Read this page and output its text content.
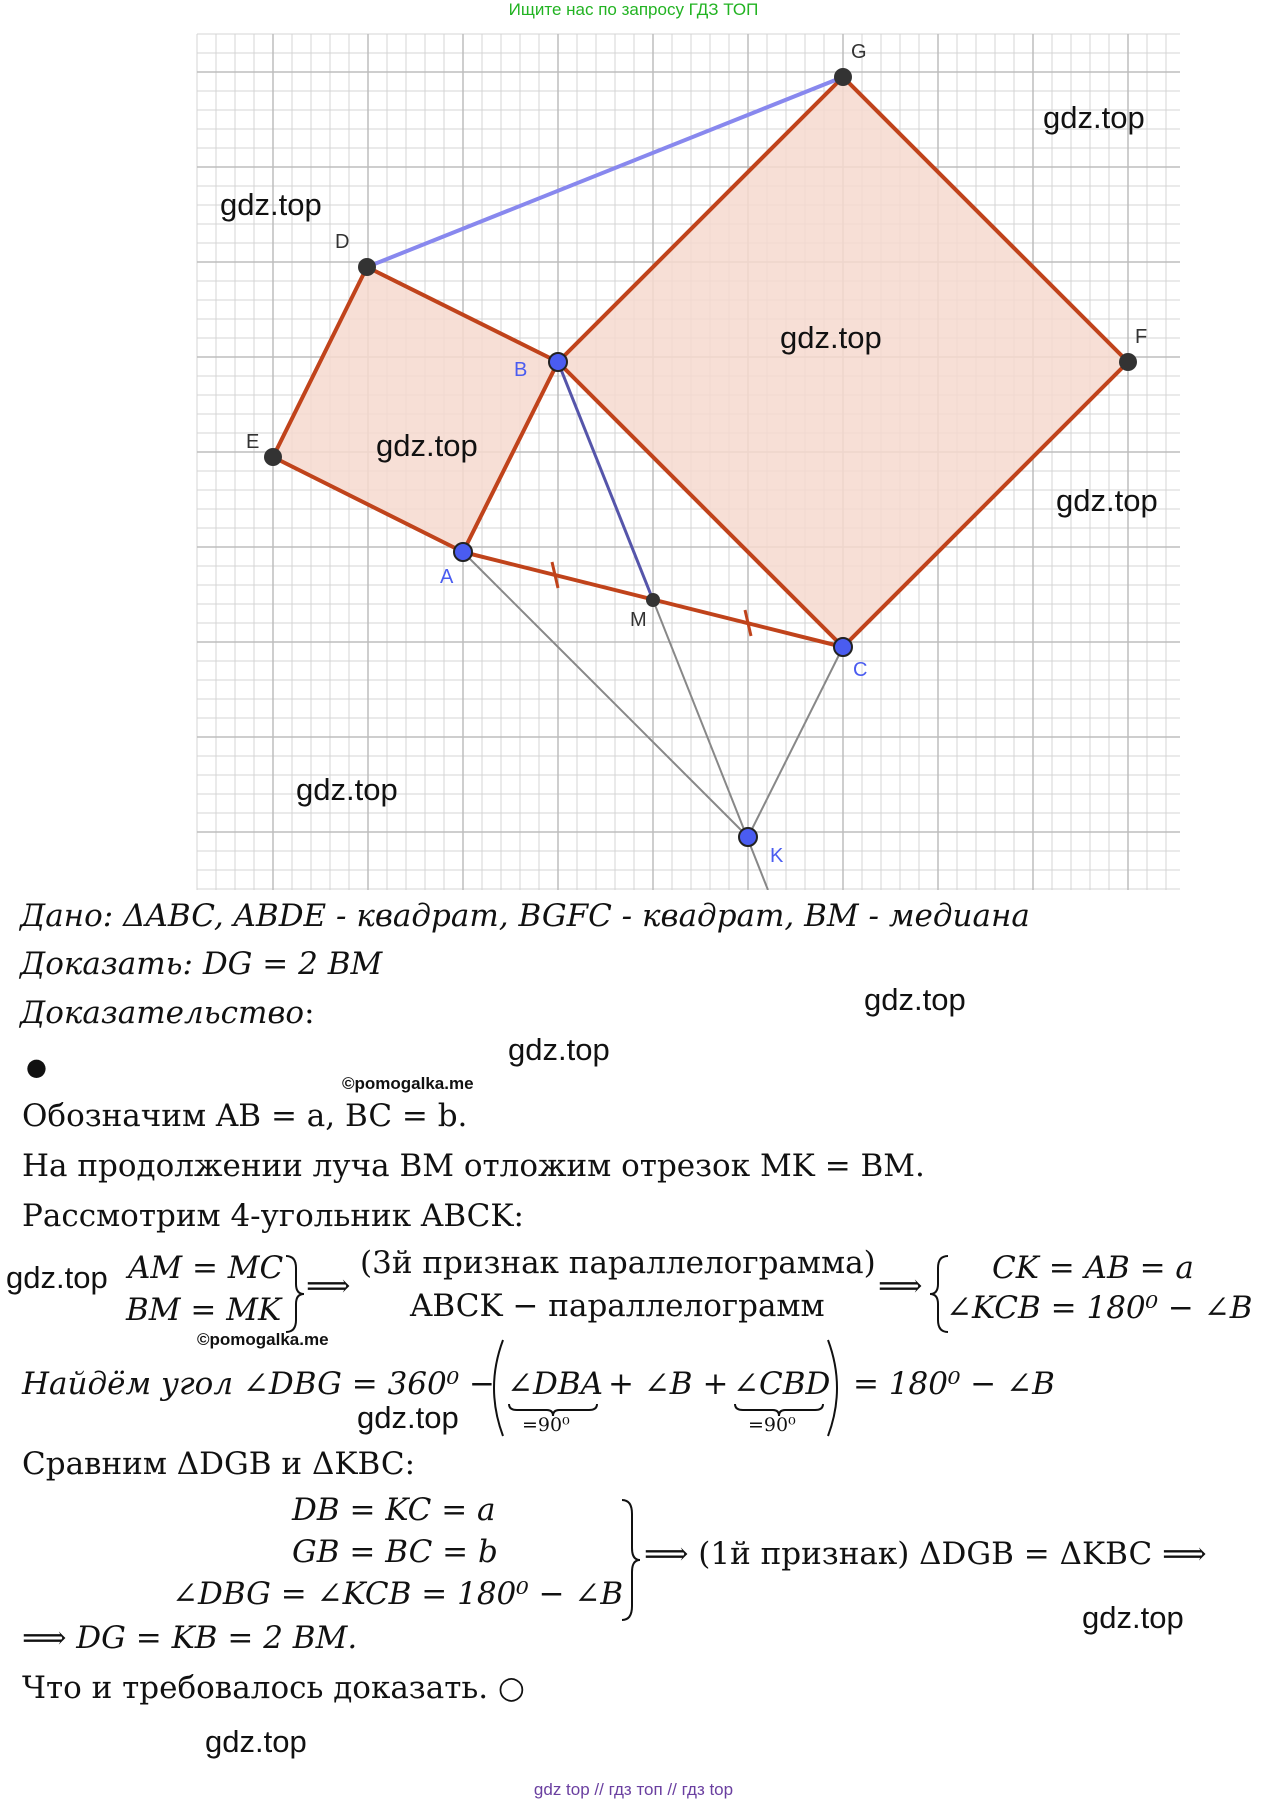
Ищите нас по запросу ГДЗ ТОП
G
D
B
F
E
A
M
C
K
gdz.top
gdz.top
gdz.top
gdz.top
gdz.top
gdz.top
Дано: ΔABC, ABDE - квадрат, BGFC - квадрат, BM - медиана
Доказать: DG = 2 BM
gdz.top
Доказательство:
gdz.top
●
©pomogalka.me
Обозначим AB = a, BC = b.
На продолжении луча BM отложим отрезок MK = BM.
Рассмотрим 4-угольник ABCK:
gdz.top AM = MC
BM = MK
⟹
(3й признак параллелограмма)
ABCK − параллелограмм
©pomogalka.me
⟹ CK = AB = a
∠KCB = 180⁰ − ∠B
Найдём угол ∠DBG = 360⁰ − ∠DBA
=90⁰
+ ∠B + ∠CBD
=90⁰
= 180⁰ − ∠B
gdz.top
Сравним ΔDGB и ΔKBC:
DB = KC = a
GB = BC = b
∠DBG = ∠KCB = 180⁰ − ∠B
⟹ (1й признак) ΔDGB = ΔKBC ⟹
gdz.top
⟹ DG = KB = 2 BM.
Что и требовалось доказать. ○
gdz.top
gdz top // гдз топ // гдз top
